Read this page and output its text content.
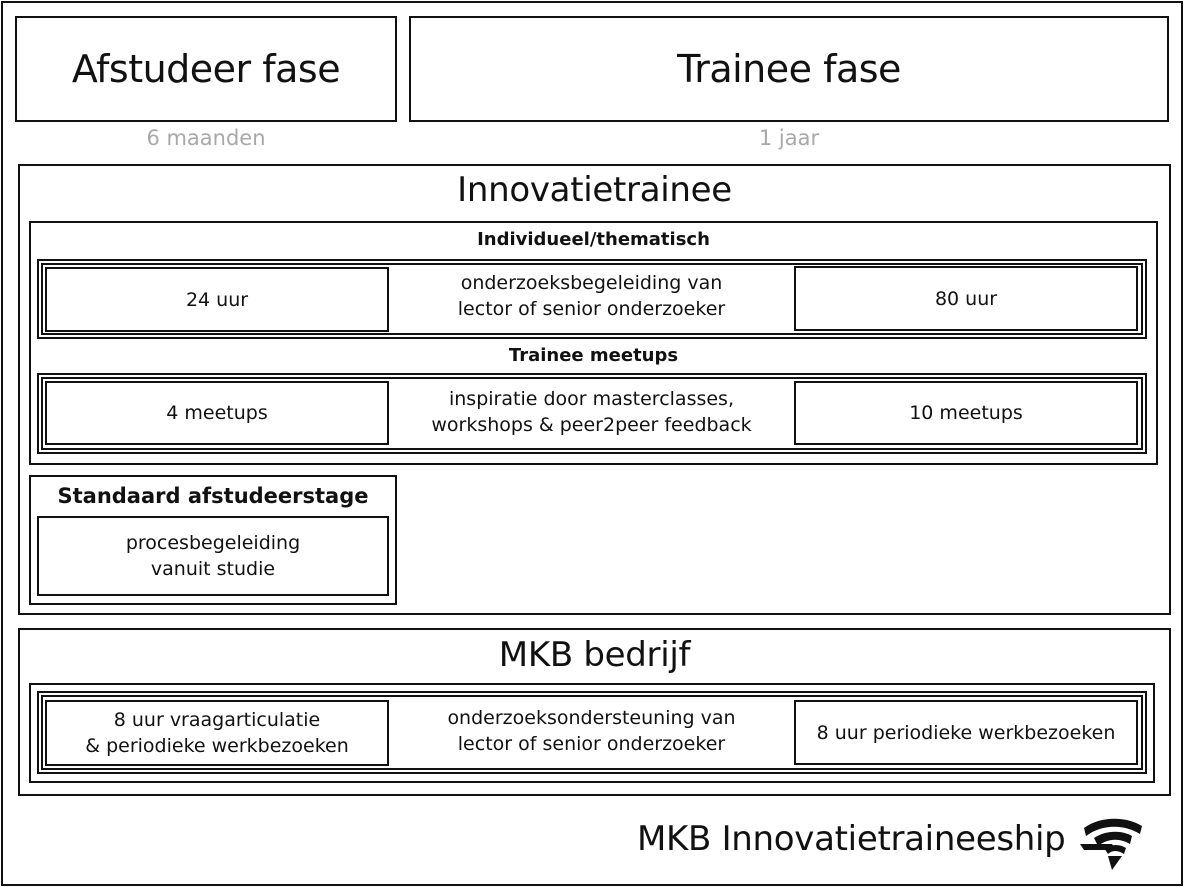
Afstudeer fase	Trainee fase
6 maanden	1 jaar
Innovatietrainee
Individueel/thematisch
24 uur
onderzoeksbegeleiding van
lector of senior onderzoeker	80 uur
Trainee meetups
4 meetups
inspiratie door masterclasses,
workshops & peer2peer feedback
10 meetups
Standaard afstudeerstage
procesbegeleiding
vanuit studie
MKB bedrijf
8 uur vraagarticulatie
& periodieke werkbezoeken
onderzoeksondersteuning van
lector of senior onderzoeker
8 uur periodieke werkbezoeken
MKB Innovatietraineeship
